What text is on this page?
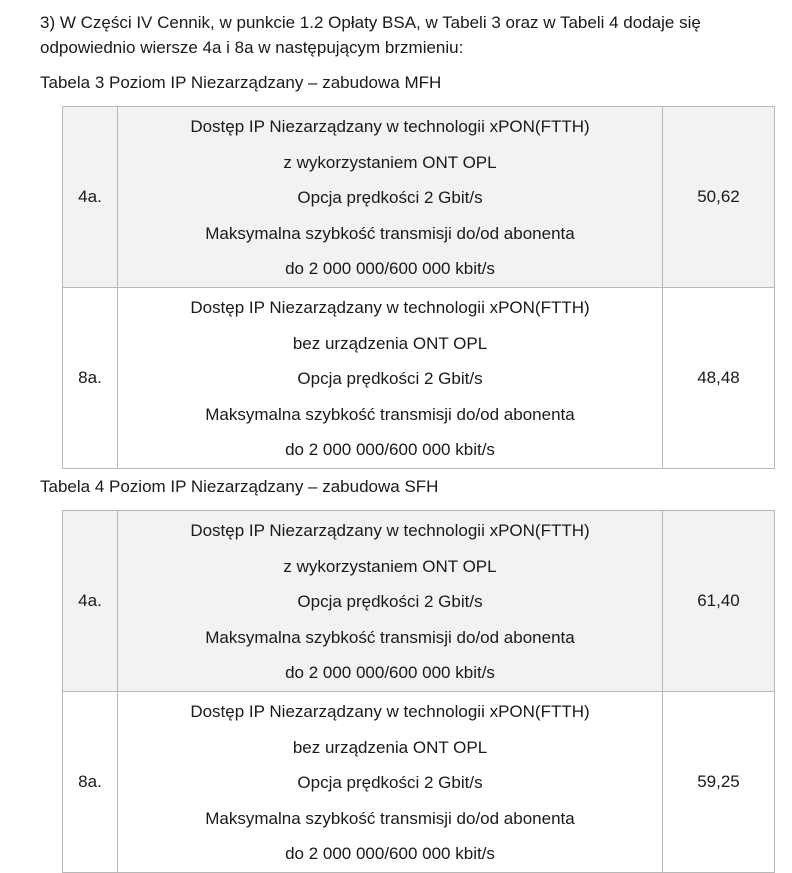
3) W Części IV Cennik, w punkcie 1.2 Opłaty BSA, w Tabeli 3 oraz w Tabeli 4 dodaje się
odpowiednio wiersze 4a i 8a w następującym brzmieniu:

Tabela 3 Poziom IP Niezarządzany – zabudowa MFH

4a.	Dostęp IP Niezarządzany w technologii xPON(FTTH)
z wykorzystaniem ONT OPL
Opcja prędkości 2 Gbit/s
Maksymalna szybkość transmisji do/od abonenta
do 2 000 000/600 000 kbit/s	50,62

8a.	Dostęp IP Niezarządzany w technologii xPON(FTTH)
bez urządzenia ONT OPL
Opcja prędkości 2 Gbit/s
Maksymalna szybkość transmisji do/od abonenta
do 2 000 000/600 000 kbit/s	48,48

Tabela 4 Poziom IP Niezarządzany – zabudowa SFH

4a.	Dostęp IP Niezarządzany w technologii xPON(FTTH)
z wykorzystaniem ONT OPL
Opcja prędkości 2 Gbit/s
Maksymalna szybkość transmisji do/od abonenta
do 2 000 000/600 000 kbit/s	61,40

8a.	Dostęp IP Niezarządzany w technologii xPON(FTTH)
bez urządzenia ONT OPL
Opcja prędkości 2 Gbit/s
Maksymalna szybkość transmisji do/od abonenta
do 2 000 000/600 000 kbit/s	59,25
